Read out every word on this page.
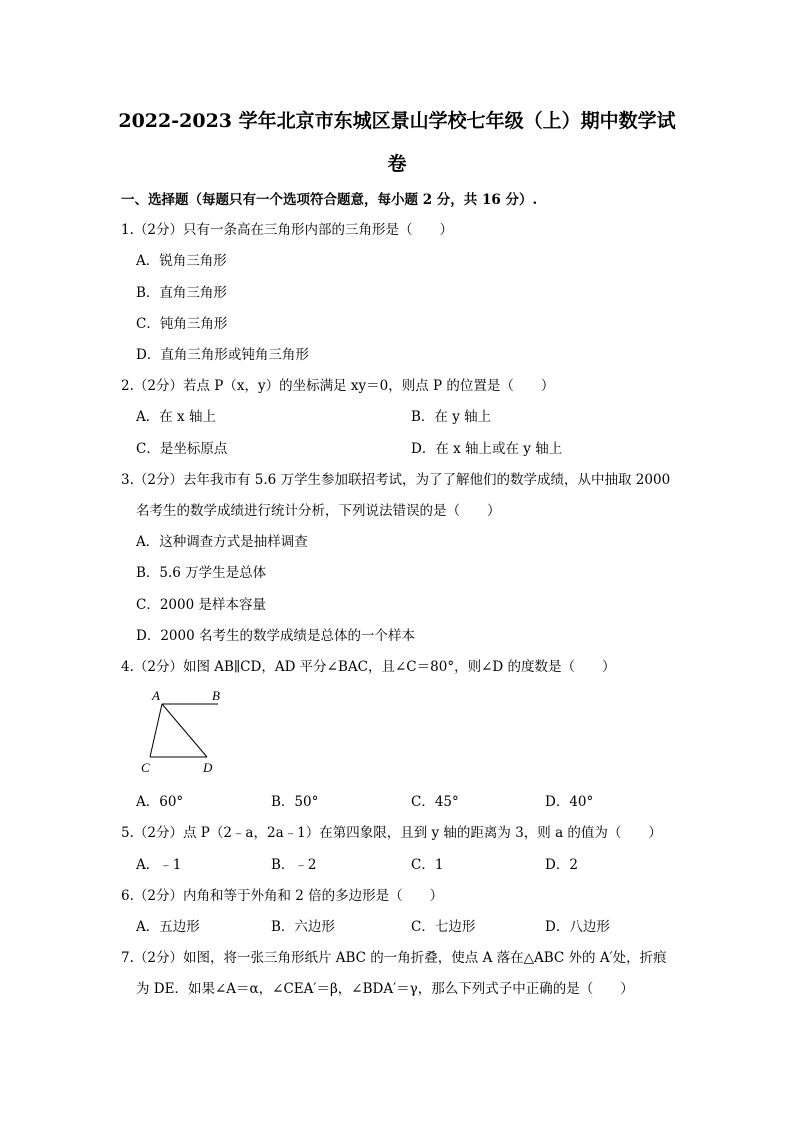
2022-2023 学年北京市东城区景山学校七年级（上）期中数学试
卷
一、选择题（每题只有一个选项符合题意，每小题 2 分，共 16 分）.
1.（2分）只有一条高在三角形内部的三角形是（　　）
A．锐角三角形
B．直角三角形
C．钝角三角形
D．直角三角形或钝角三角形
2.（2分）若点 P（x，y）的坐标满足 xy＝0，则点 P 的位置是（　　）
A．在 x 轴上	B．在 y 轴上
C．是坐标原点	D．在 x 轴上或在 y 轴上
3.（2分）去年我市有 5.6 万学生参加联招考试，为了了解他们的数学成绩，从中抽取 2000
名考生的数学成绩进行统计分析，下列说法错误的是（　　）
A．这种调查方式是抽样调查
B．5.6 万学生是总体
C．2000 是样本容量
D．2000 名考生的数学成绩是总体的一个样本
4.（2分）如图 AB∥CD，AD 平分∠BAC，且∠C＝80°，则∠D 的度数是（　　）
A	B
C	D
A．60°	B．50°	C．45°	D．40°
5.（2分）点 P（2﹣a，2a﹣1）在第四象限，且到 y 轴的距离为 3，则 a 的值为（　　）
A．﹣1	B．﹣2	C．1	D．2
6.（2分）内角和等于外角和 2 倍的多边形是（　　）
A．五边形	B．六边形	C．七边形	D．八边形
7.（2分）如图，将一张三角形纸片 ABC 的一角折叠，使点 A 落在△ABC 外的 A′处，折痕
为 DE．如果∠A＝α，∠CEA′＝β，∠BDA′＝γ，那么下列式子中正确的是（　　）
